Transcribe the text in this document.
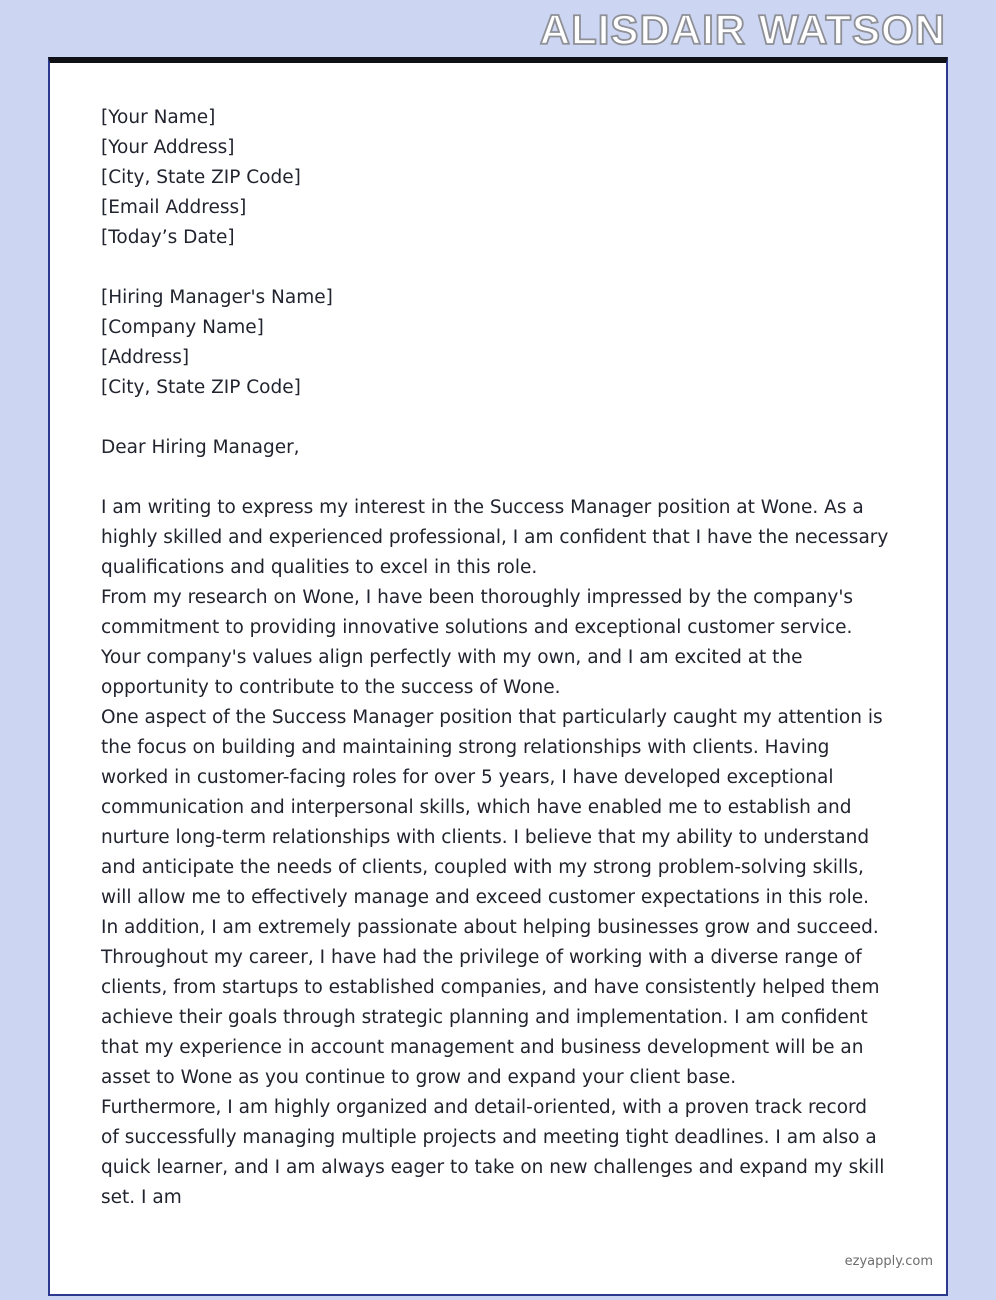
ALISDAIR WATSON

[Your Name]

[Your Address]

[City, State ZIP Code]

[Email Address]

[Today’s Date]

[Hiring Manager's Name]

[Company Name]

[Address]

[City, State ZIP Code]

Dear Hiring Manager,

I am writing to express my interest in the Success Manager position at Wone. As a highly skilled and experienced professional, I am confident that I have the necessary qualifications and qualities to excel in this role.

From my research on Wone, I have been thoroughly impressed by the company's commitment to providing innovative solutions and exceptional customer service. Your company's values align perfectly with my own, and I am excited at the opportunity to contribute to the success of Wone.

One aspect of the Success Manager position that particularly caught my attention is the focus on building and maintaining strong relationships with clients. Having worked in customer-facing roles for over 5 years, I have developed exceptional communication and interpersonal skills, which have enabled me to establish and nurture long-term relationships with clients. I believe that my ability to understand and anticipate the needs of clients, coupled with my strong problem-solving skills, will allow me to effectively manage and exceed customer expectations in this role.

In addition, I am extremely passionate about helping businesses grow and succeed. Throughout my career, I have had the privilege of working with a diverse range of clients, from startups to established companies, and have consistently helped them achieve their goals through strategic planning and implementation. I am confident that my experience in account management and business development will be an asset to Wone as you continue to grow and expand your client base.

Furthermore, I am highly organized and detail-oriented, with a proven track record of successfully managing multiple projects and meeting tight deadlines. I am also a quick learner, and I am always eager to take on new challenges and expand my skill set. I am

ezyapply.com
